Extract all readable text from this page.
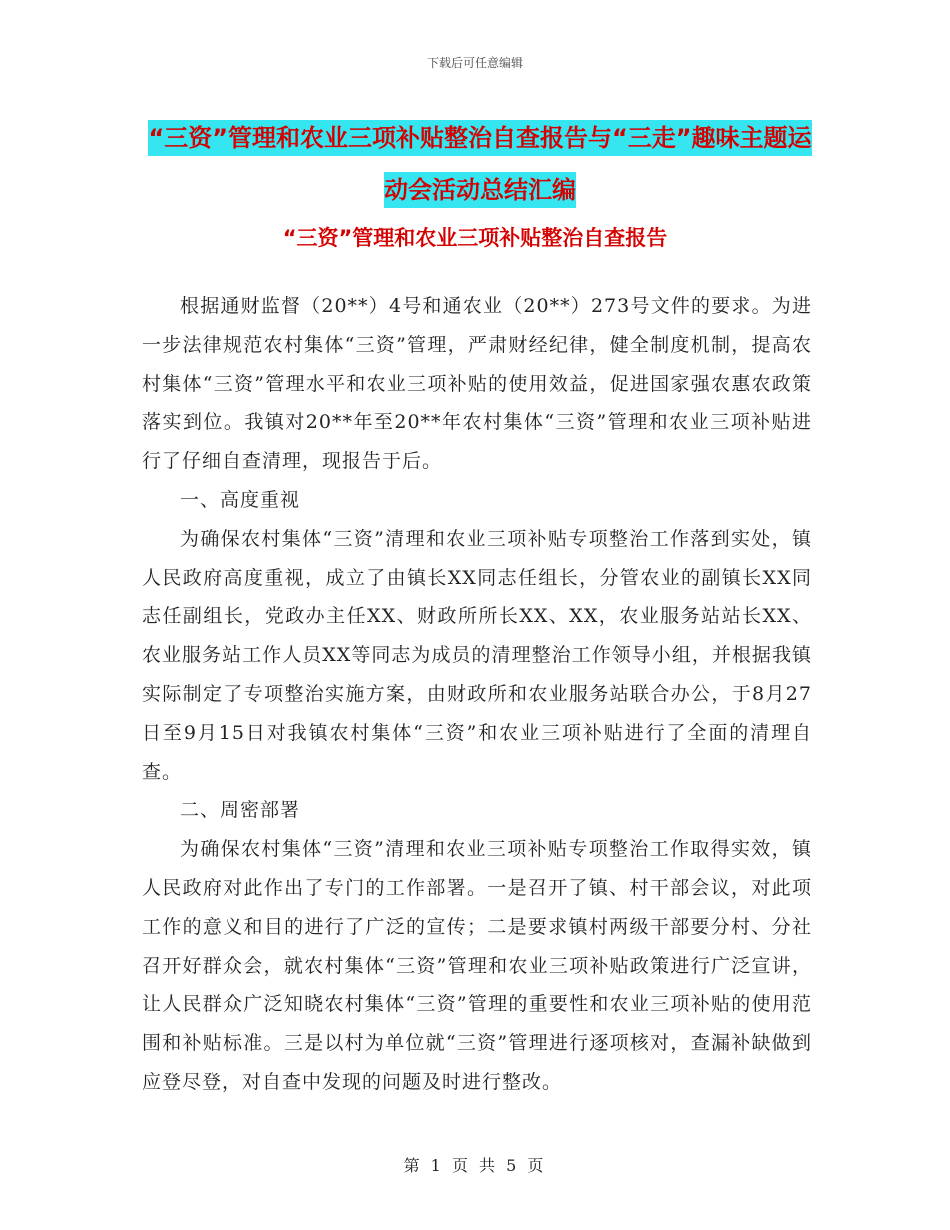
下载后可任意编辑
“三资”管理和农业三项补贴整治自查报告与“三走”趣味主题运动会活动总结汇编
“三资”管理和农业三项补贴整治自查报告

根据通财监督（20**）4号和通农业（20**）273号文件的要求。为进一步法律规范农村集体“三资”管理，严肃财经纪律，健全制度机制，提高农村集体“三资”管理水平和农业三项补贴的使用效益，促进国家强农惠农政策落实到位。我镇对20**年至20**年农村集体“三资”管理和农业三项补贴进行了仔细自查清理，现报告于后。

一、高度重视

为确保农村集体“三资”清理和农业三项补贴专项整治工作落到实处，镇人民政府高度重视，成立了由镇长XX同志任组长，分管农业的副镇长XX同志任副组长，党政办主任XX、财政所所长XX、XX，农业服务站站长XX、农业服务站工作人员XX等同志为成员的清理整治工作领导小组，并根据我镇实际制定了专项整治实施方案，由财政所和农业服务站联合办公，于8月27日至9月15日对我镇农村集体“三资”和农业三项补贴进行了全面的清理自查。

二、周密部署

为确保农村集体“三资”清理和农业三项补贴专项整治工作取得实效，镇人民政府对此作出了专门的工作部署。一是召开了镇、村干部会议，对此项工作的意义和目的进行了广泛的宣传；二是要求镇村两级干部要分村、分社召开好群众会，就农村集体“三资”管理和农业三项补贴政策进行广泛宣讲，让人民群众广泛知晓农村集体“三资”管理的重要性和农业三项补贴的使用范围和补贴标准。三是以村为单位就“三资”管理进行逐项核对，查漏补缺做到应登尽登，对自查中发现的问题及时进行整改。

第 1 页 共 5 页
